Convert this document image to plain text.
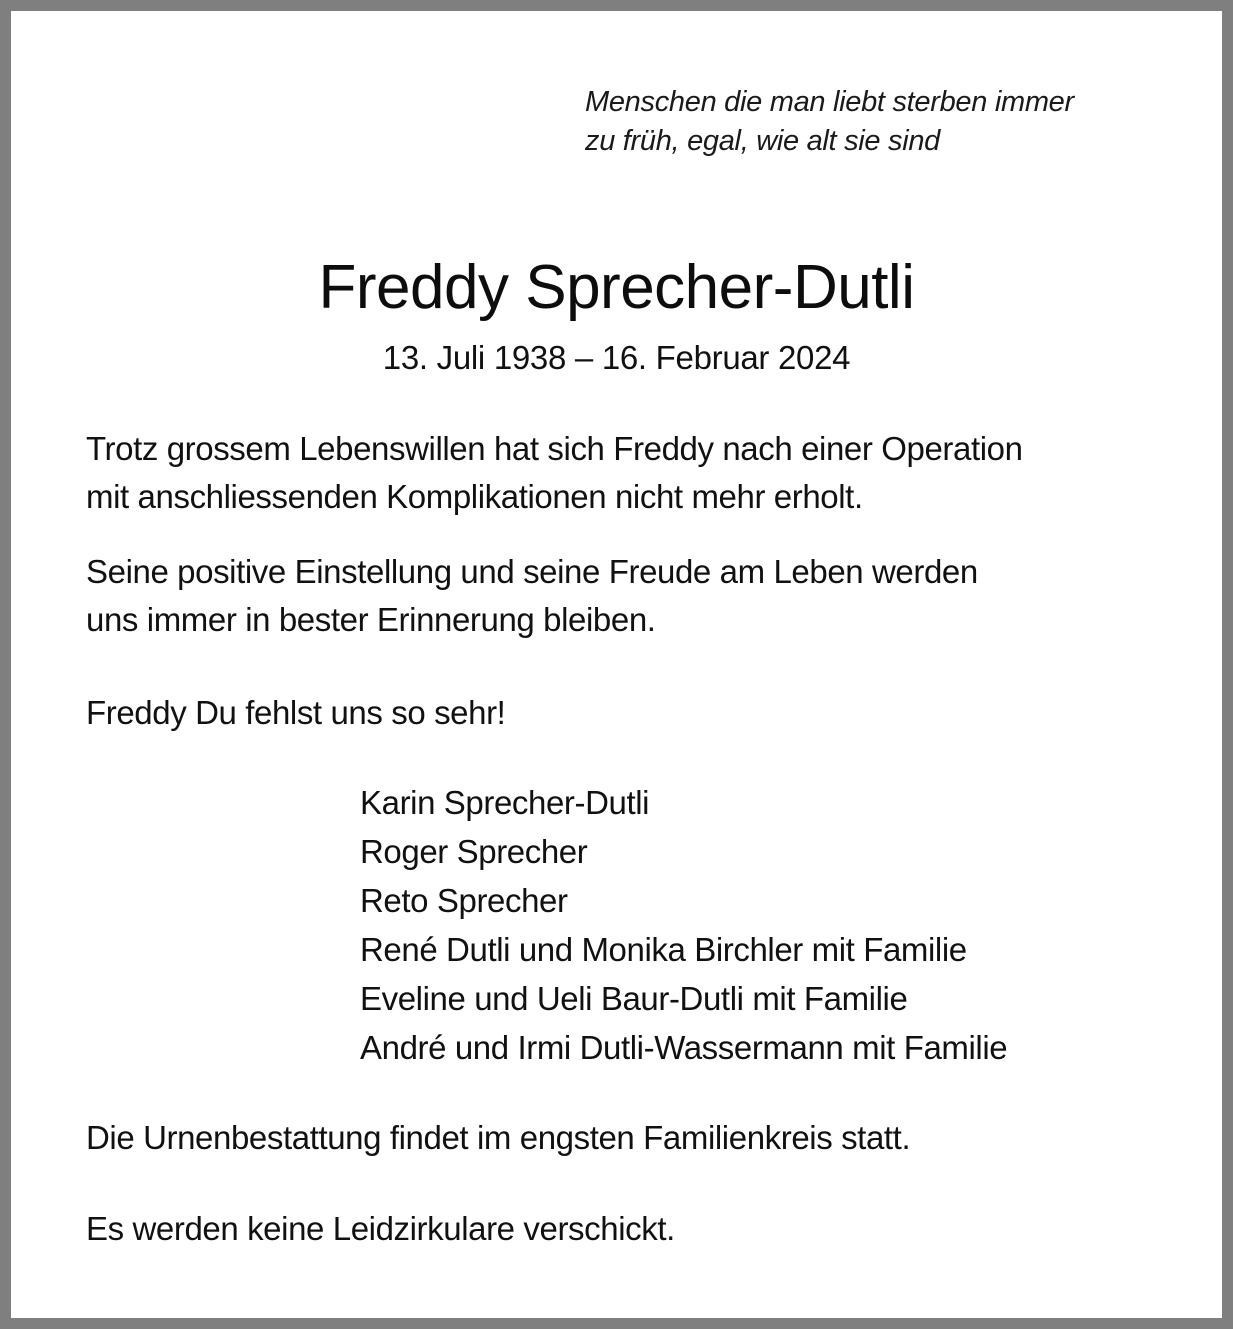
Menschen die man liebt sterben immer
zu früh, egal, wie alt sie sind
Freddy Sprecher-Dutli
13. Juli 1938 – 16. Februar 2024
Trotz grossem Lebenswillen hat sich Freddy nach einer Operation
mit anschliessenden Komplikationen nicht mehr erholt.
Seine positive Einstellung und seine Freude am Leben werden
uns immer in bester Erinnerung bleiben.
Freddy Du fehlst uns so sehr!
Karin Sprecher-Dutli
Roger Sprecher
Reto Sprecher
René Dutli und Monika Birchler mit Familie
Eveline und Ueli Baur-Dutli mit Familie
André und Irmi Dutli-Wassermann mit Familie
Die Urnenbestattung findet im engsten Familienkreis statt.
Es werden keine Leidzirkulare verschickt.
